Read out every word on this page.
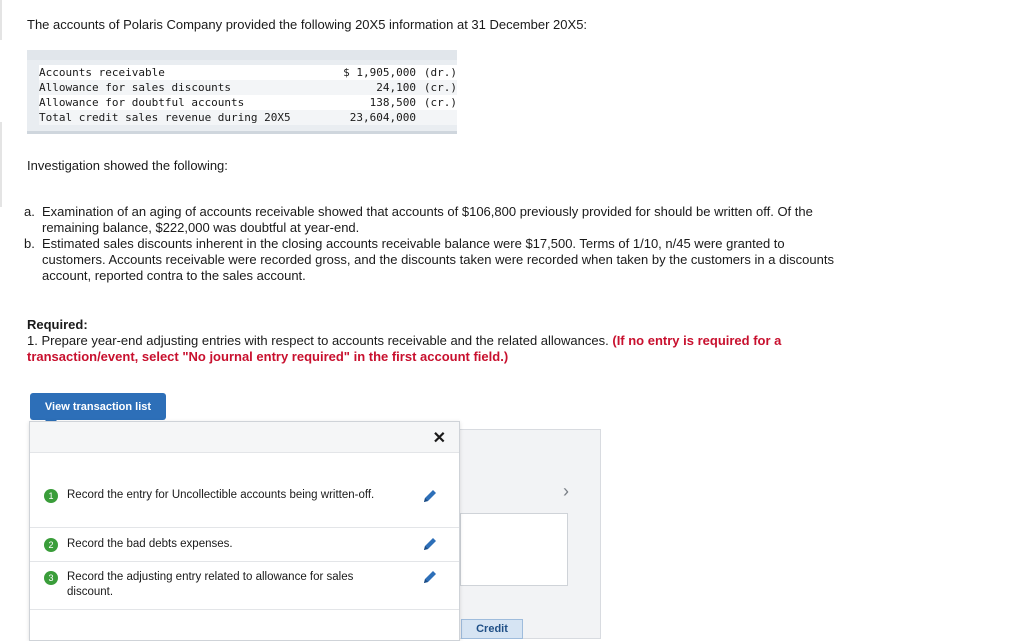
The accounts of Polaris Company provided the following 20X5 information at 31 December 20X5:
Accounts receivable	$ 1,905,000 (dr.)
Allowance for sales discounts	24,100 (cr.)
Allowance for doubtful accounts	138,500 (cr.)
Total credit sales revenue during 20X5	23,604,000
Investigation showed the following:
a. Examination of an aging of accounts receivable showed that accounts of $106,800 previously provided for should be written off. Of the remaining balance, $222,000 was doubtful at year-end.
b. Estimated sales discounts inherent in the closing accounts receivable balance were $17,500. Terms of 1/10, n/45 were granted to customers. Accounts receivable were recorded gross, and the discounts taken were recorded when taken by the customers in a discounts account, reported contra to the sales account.
Required:
1. Prepare year-end adjusting entries with respect to accounts receivable and the related allowances. (If no entry is required for a transaction/event, select "No journal entry required" in the first account field.)
View transaction list
›
Credit
✕
1	Record the entry for Uncollectible accounts being written-off.
2	Record the bad debts expenses.
3	Record the adjusting entry related to allowance for sales discount.
